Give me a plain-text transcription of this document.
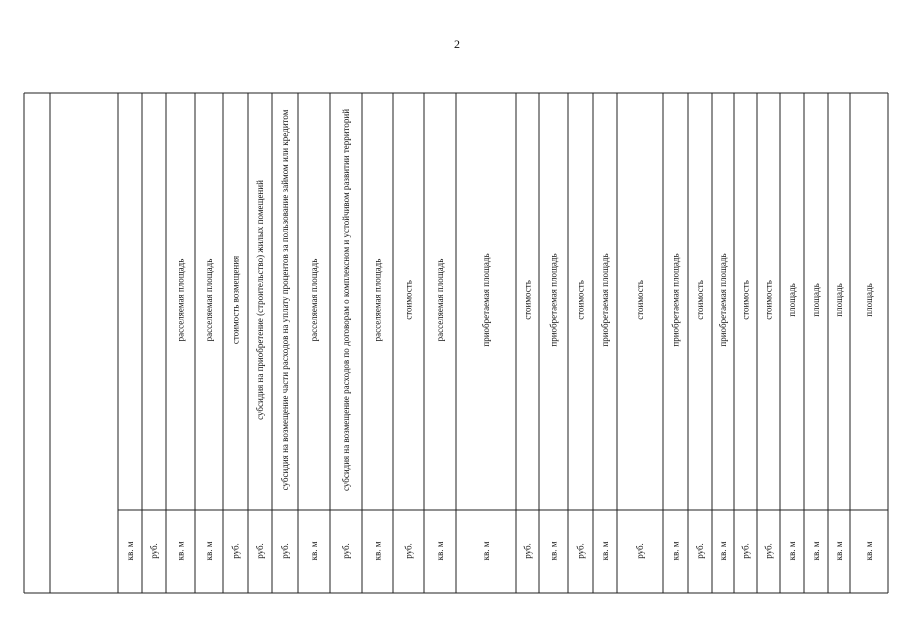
2
кв. м руб. кв. м
расселяемая площадь
кв. м
расселяемая площадь
руб.
стоимость возмещения
руб.
субсидия на приобретение (строительство) жилых помещений
руб.
субсидия на возмещение части расходов на уплату процентов за пользование займом или кредитом
кв. м
расселяемая площадь
руб.
субсидия на возмещение расходов по договорам о комплексном и устойчивом развитии территорий
кв. м
расселяемая площадь
руб.
стоимость
кв. м
расселяемая площадь
кв. м
приобретаемая площадь
руб.
стоимость
кв. м
приобретаемая площадь
руб.
стоимость
кв. м
приобретаемая площадь
руб.
стоимость
кв. м
приобретаемая площадь
руб.
стоимость
кв. м
приобретаемая площадь
руб.
стоимость
руб.
стоимость
кв. м
площадь
кв. м
площадь
кв. м
площадь
кв. м
площадь
